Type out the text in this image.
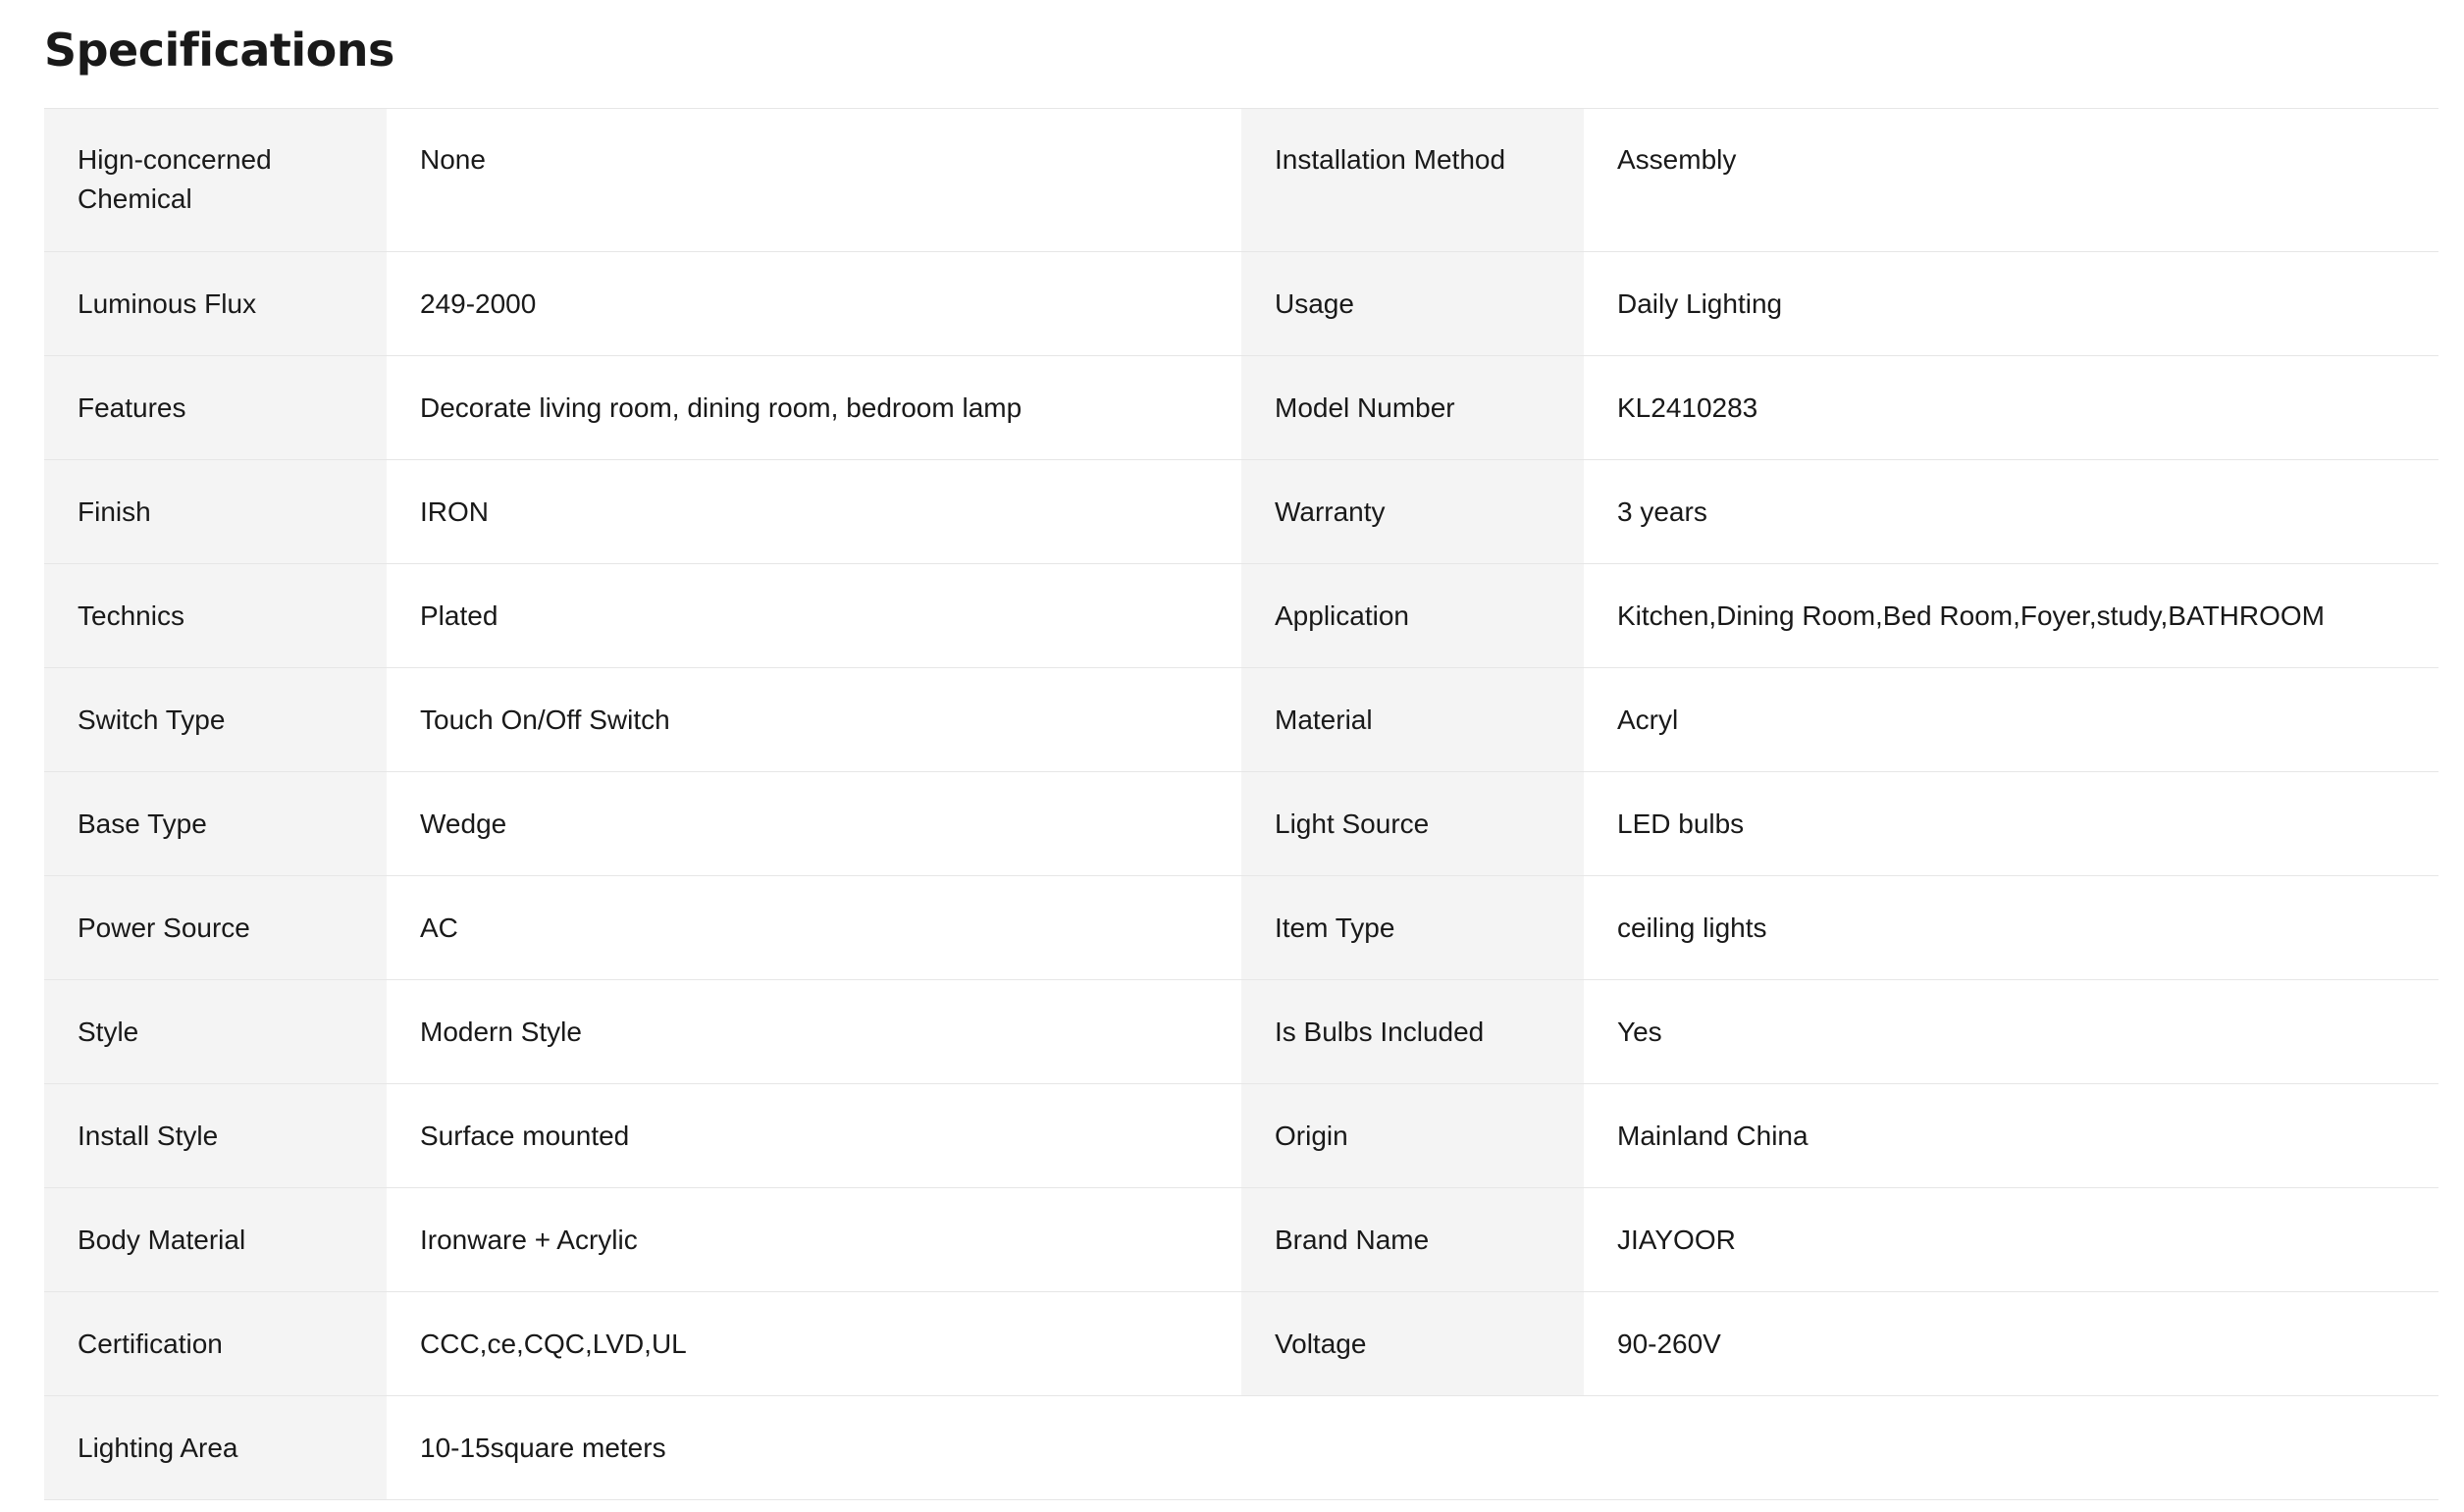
Specifications
Hign-concerned Chemical	None	Installation Method	Assembly
Luminous Flux	249-2000	Usage	Daily Lighting
Features	Decorate living room, dining room, bedroom lamp	Model Number	KL2410283
Finish	IRON	Warranty	3 years
Technics	Plated	Application	Kitchen,Dining Room,Bed Room,Foyer,study,BATHROOM
Switch Type	Touch On/Off Switch	Material	Acryl
Base Type	Wedge	Light Source	LED bulbs
Power Source	AC	Item Type	ceiling lights
Style	Modern Style	Is Bulbs Included	Yes
Install Style	Surface mounted	Origin	Mainland China
Body Material	Ironware + Acrylic	Brand Name	JIAYOOR
Certification	CCC,ce,CQC,LVD,UL	Voltage	90-260V
Lighting Area	10-15square meters		
